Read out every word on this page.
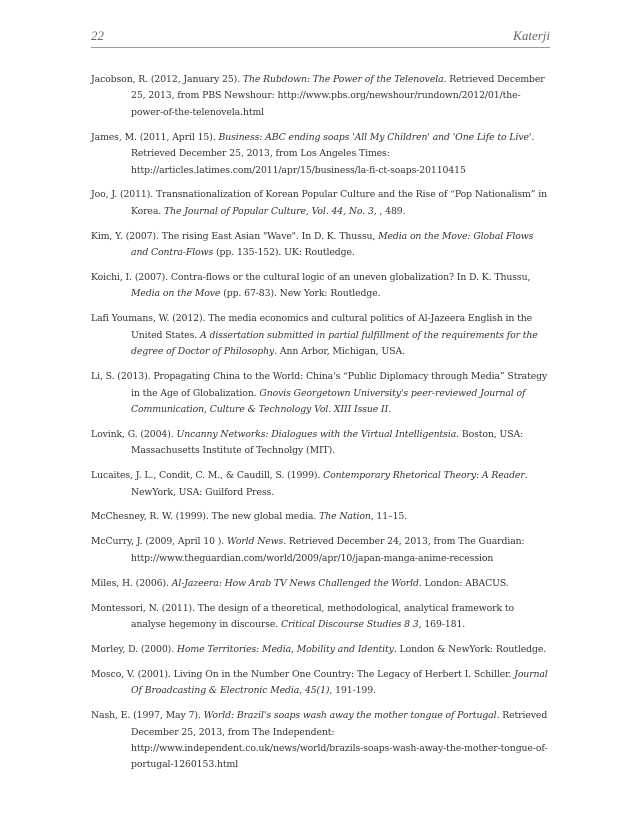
22	Katerji

Jacobson, R. (2012, January 25). The Rubdown: The Power of the Telenovela. Retrieved December 25, 2013, from PBS Newshour: http://www.pbs.org/newshour/rundown/2012/01/the-power-of-the-telenovela.html

James, M. (2011, April 15). Business: ABC ending soaps 'All My Children' and 'One Life to Live'. Retrieved December 25, 2013, from Los Angeles Times: http://articles.latimes.com/2011/apr/15/business/la-fi-ct-soaps-20110415

Joo, J. (2011). Transnationalization of Korean Popular Culture and the Rise of “Pop Nationalism” in Korea. The Journal of Popular Culture, Vol. 44, No. 3, , 489.

Kim, Y. (2007). The rising East Asian "Wave". In D. K. Thussu, Media on the Move: Global Flows and Contra-Flows (pp. 135-152). UK: Routledge.

Koichi, I. (2007). Contra-flows or the cultural logic of an uneven globalization? In D. K. Thussu, Media on the Move (pp. 67-83). New York: Routledge.

Lafi Youmans, W. (2012). The media economics and cultural politics of Al-Jazeera English in the United States. A dissertation submitted in partial fulfillment of the requirements for the degree of Doctor of Philosophy. Ann Arbor, Michigan, USA.

Li, S. (2013). Propagating China to the World: China's “Public Diplomacy through Media” Strategy in the Age of Globalization. Gnovis Georgetown University's peer-reviewed Journal of Communication, Culture & Technology Vol. XIII Issue II.

Lovink, G. (2004). Uncanny Networks: Dialogues with the Virtual Intelligentsia. Boston, USA: Massachusetts Institute of Technolgy (MIT).

Lucaites, J. L., Condit, C. M., & Caudill, S. (1999). Contemporary Rhetorical Theory: A Reader. NewYork, USA: Guilford Press.

McChesney, R. W. (1999). The new global media. The Nation, 11–15.

McCurry, J. (2009, April 10 ). World News. Retrieved December 24, 2013, from The Guardian: http://www.theguardian.com/world/2009/apr/10/japan-manga-anime-recession

Miles, H. (2006). Al-Jazeera: How Arab TV News Challenged the World. London: ABACUS.

Montessori, N. (2011). The design of a theoretical, methodological, analytical framework to analyse hegemony in discourse. Critical Discourse Studies 8 3, 169-181.

Morley, D. (2000). Home Territories: Media, Mobility and Identity. London & NewYork: Routledge.

Mosco, V. (2001). Living On in the Number One Country: The Legacy of Herbert I. Schiller. Journal Of Broadcasting & Electronic Media, 45(1), 191-199.

Nash, E. (1997, May 7). World: Brazil's soaps wash away the mother tongue of Portugal. Retrieved December 25, 2013, from The Independent: http://www.independent.co.uk/news/world/brazils-soaps-wash-away-the-mother-tongue-of-portugal-1260153.html
